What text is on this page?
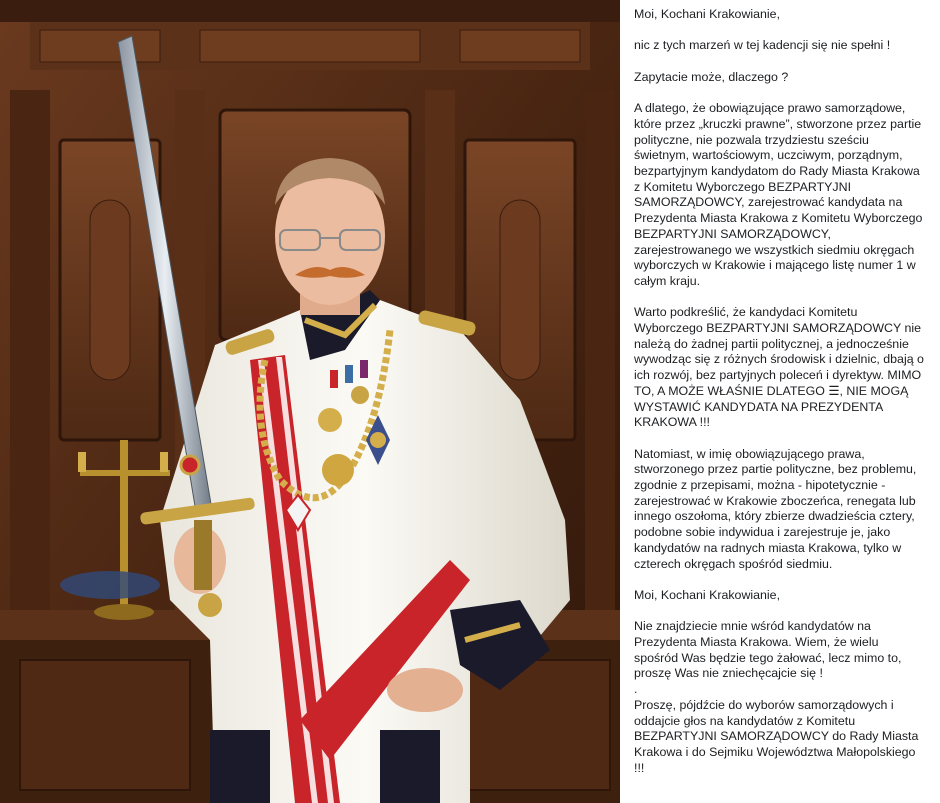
Moi, Kochani Krakowianie,

nic z tych marzeń w tej kadencji się nie spełni !

Zapytacie może, dlaczego ?

A dlatego, że obowiązujące prawo samorządowe,
które przez „kruczki prawne”, stworzone przez partie
polityczne, nie pozwala trzydziestu sześciu
świetnym, wartościowym, uczciwym, porządnym,
bezpartyjnym kandydatom do Rady Miasta Krakowa
z Komitetu Wyborczego BEZPARTYJNI
SAMORZĄDOWCY, zarejestrować kandydata na
Prezydenta Miasta Krakowa z Komitetu Wyborczego
BEZPARTYJNI SAMORZĄDOWCY,
zarejestrowanego we wszystkich siedmiu okręgach
wyborczych w Krakowie i mającego listę numer 1 w
całym kraju.

Warto podkreślić, że kandydaci Komitetu
Wyborczego BEZPARTYJNI SAMORZĄDOWCY nie
należą do żadnej partii politycznej, a jednocześnie
wywodząc się z różnych środowisk i dzielnic, dbają o
ich rozwój, bez partyjnych poleceń i dyrektyw. MIMO
TO, A MOŻE WŁAŚNIE DLATEGO ☰, NIE MOGĄ
WYSTAWIĆ KANDYDATA NA PREZYDENTA
KRAKOWA !!!

Natomiast, w imię obowiązującego prawa,
stworzonego przez partie polityczne, bez problemu,
zgodnie z przepisami, można - hipotetycznie -
zarejestrować w Krakowie zboczeńca, renegata lub
innego oszołoma, który zbierze dwadzieścia cztery,
podobne sobie indywidua i zarejestruje je, jako
kandydatów na radnych miasta Krakowa, tylko w
czterech okręgach spośród siedmiu.

Moi, Kochani Krakowianie,

Nie znajdziecie mnie wśród kandydatów na
Prezydenta Miasta Krakowa. Wiem, że wielu
spośród Was będzie tego żałować, lecz mimo to,
proszę Was nie zniechęcajcie się !
.

Proszę, pójdźcie do wyborów samorządowych i
oddajcie głos na kandydatów z Komitetu
BEZPARTYJNI SAMORZĄDOWCY do Rady Miasta
Krakowa i do Sejmiku Województwa Małopolskiego
!!!
